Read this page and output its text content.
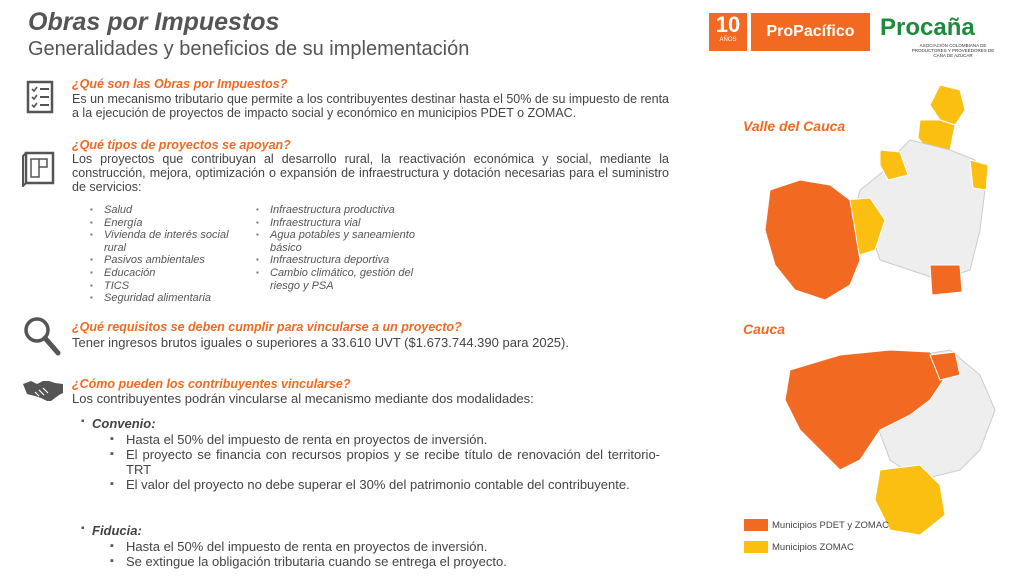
Obras por Impuestos
Generalidades y beneficios de su implementación
10
AÑOS	ProPacífico	Procaña
ASOCIACIÓN COLOMBIANA DE PRODUCTORES Y PROVEEDORES DE CAÑA DE AZÚCAR
¿Qué son las Obras por Impuestos?
Es un mecanismo tributario que permite a los contribuyentes destinar hasta el 50% de su impuesto de renta a la ejecución de proyectos de impacto social y económico en municipios PDET o ZOMAC.
¿Qué tipos de proyectos se apoyan?
Los proyectos que contribuyan al desarrollo rural, la reactivación económica y social, mediante la construcción, mejora, optimización o expansión de infraestructura y dotación necesarias para el suministro de servicios:
▪ Salud
▪ Energía
▪ Vivienda de interés social rural
▪ Pasivos ambientales
▪ Educación
▪ TICS
▪ Seguridad alimentaria
▪ Infraestructura productiva
▪ Infraestructura vial
▪ Agua potables y saneamiento básico
▪ Infraestructura deportiva
▪ Cambio climático, gestión del riesgo y PSA
¿Qué requisitos se deben cumplir para vincularse a un proyecto?
Tener ingresos brutos iguales o superiores a 33.610 UVT ($1.673.744.390 para 2025).
¿Cómo pueden los contribuyentes vincularse?
Los contribuyentes podrán vincularse al mecanismo mediante dos modalidades:
▪ Convenio:
▪ Hasta el 50% del impuesto de renta en proyectos de inversión.
▪ El proyecto se financia con recursos propios y se recibe título de renovación del territorio- TRT
▪ El valor del proyecto no debe superar el 30% del patrimonio contable del contribuyente.
▪ Fiducia:
▪ Hasta el 50% del impuesto de renta en proyectos de inversión.
▪ Se extingue la obligación tributaria cuando se entrega el proyecto.
Valle del Cauca
Cauca
Municipios PDET y ZOMAC
Municipios ZOMAC
